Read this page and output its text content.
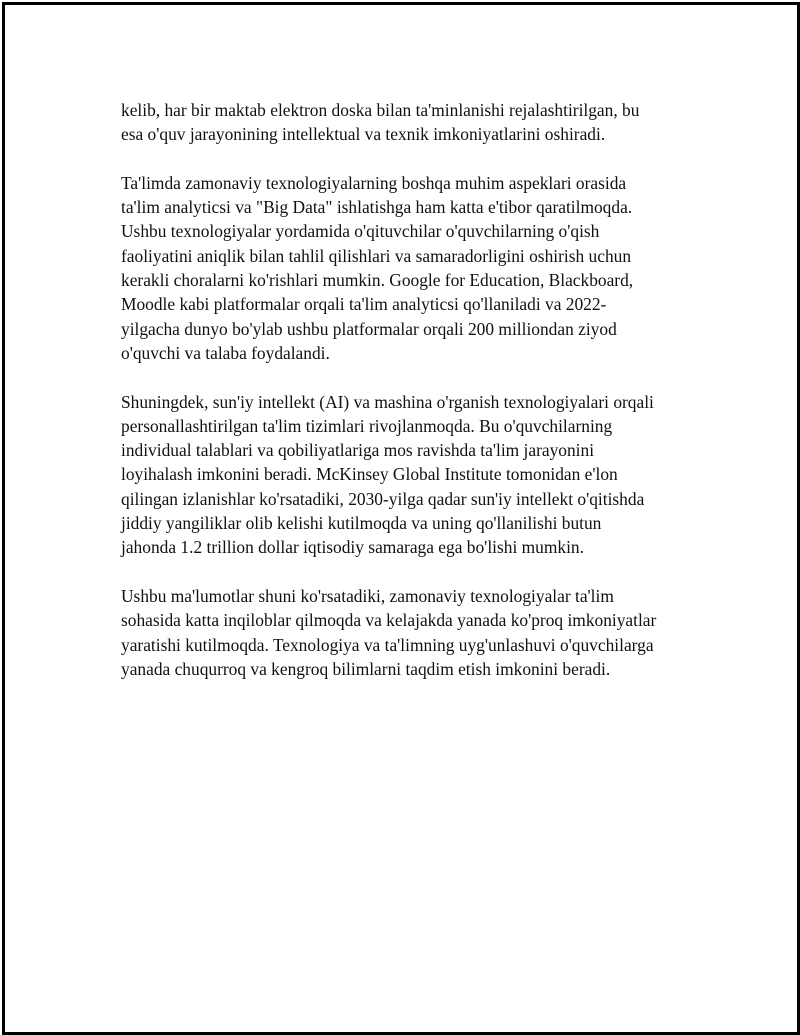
kelib, har bir maktab elektron doska bilan ta'minlanishi rejalashtirilgan, bu
esa o'quv jarayonining intellektual va texnik imkoniyatlarini oshiradi.

Ta'limda zamonaviy texnologiyalarning boshqa muhim aspeklari orasida
ta'lim analyticsi va "Big Data" ishlatishga ham katta e'tibor qaratilmoqda.
Ushbu texnologiyalar yordamida o'qituvchilar o'quvchilarning o'qish
faoliyatini aniqlik bilan tahlil qilishlari va samaradorligini oshirish uchun
kerakli choralarni ko'rishlari mumkin. Google for Education, Blackboard,
Moodle kabi platformalar orqali ta'lim analyticsi qo'llaniladi va 2022-
yilgacha dunyo bo'ylab ushbu platformalar orqali 200 milliondan ziyod
o'quvchi va talaba foydalandi.

Shuningdek, sun'iy intellekt (AI) va mashina o'rganish texnologiyalari orqali
personallashtirilgan ta'lim tizimlari rivojlanmoqda. Bu o'quvchilarning
individual talablari va qobiliyatlariga mos ravishda ta'lim jarayonini
loyihalash imkonini beradi. McKinsey Global Institute tomonidan e'lon
qilingan izlanishlar ko'rsatadiki, 2030-yilga qadar sun'iy intellekt o'qitishda
jiddiy yangiliklar olib kelishi kutilmoqda va uning qo'llanilishi butun
jahonda 1.2 trillion dollar iqtisodiy samaraga ega bo'lishi mumkin.

Ushbu ma'lumotlar shuni ko'rsatadiki, zamonaviy texnologiyalar ta'lim
sohasida katta inqiloblar qilmoqda va kelajakda yanada ko'proq imkoniyatlar
yaratishi kutilmoqda. Texnologiya va ta'limning uyg'unlashuvi o'quvchilarga
yanada chuqurroq va kengroq bilimlarni taqdim etish imkonini beradi.
